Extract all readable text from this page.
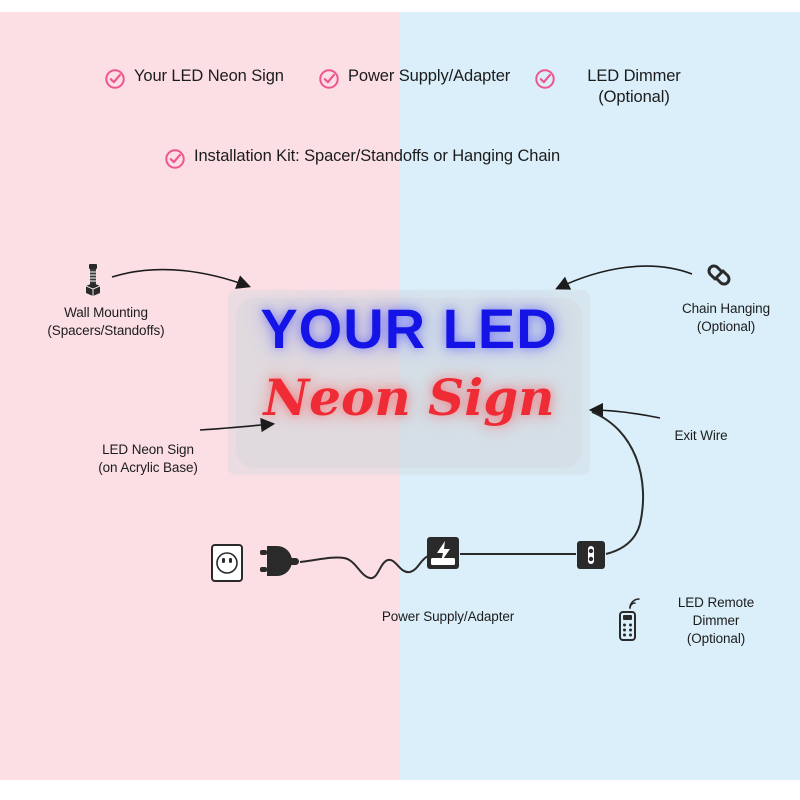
Your LED Neon Sign	Power Supply/Adapter	LED Dimmer (Optional)
Installation Kit: Spacer/Standoffs or Hanging Chain
YOUR LED
Neon Sign
Wall Mounting
(Spacers/Standoffs)
Chain Hanging
(Optional)
LED Neon Sign
(on Acrylic Base)
Exit Wire
Power Supply/Adapter
LED Remote
Dimmer
(Optional)
